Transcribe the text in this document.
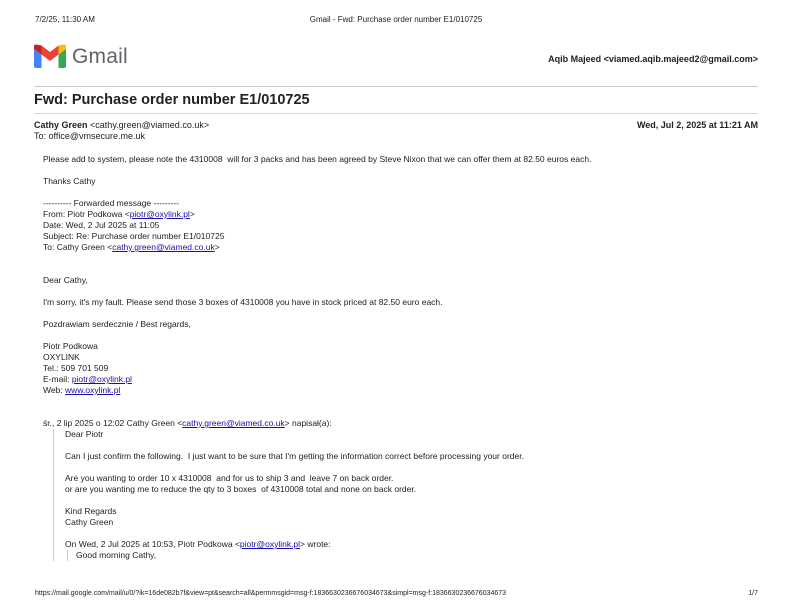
7/2/25, 11:30 AM	Gmail - Fwd: Purchase order number E1/010725
Gmail	Aqib Majeed <viamed.aqib.majeed2@gmail.com>
Fwd: Purchase order number E1/010725
Cathy Green <cathy.green@viamed.co.uk>	Wed, Jul 2, 2025 at 11:21 AM
To: office@vmsecure.me.uk

Please add to system, please note the 4310008  will for 3 packs and has been agreed by Steve Nixon that we can offer them at 82.50 euros each.

Thanks Cathy

---------- Forwarded message ---------

From: Piotr Podkowa <piotr@oxylink.pl>

Date: Wed, 2 Jul 2025 at 11:05

Subject: Re: Purchase order number E1/010725

To: Cathy Green <cathy.green@viamed.co.uk>

Dear Cathy,

I'm sorry, it's my fault. Please send those 3 boxes of 4310008 you have in stock priced at 82.50 euro each.

Pozdrawiam serdecznie / Best regards,

Piotr Podkowa

OXYLINK

Tel.: 509 701 509

E-mail: piotr@oxylink.pl

Web: www.oxylink.pl

śr., 2 lip 2025 o 12:02 Cathy Green <cathy.green@viamed.co.uk> napisał(a):

Dear Piotr

Can I just confirm the following.  I just want to be sure that I'm getting the information correct before processing your order.

Are you wanting to order 10 x 4310008  and for us to ship 3 and  leave 7 on back order.

or are you wanting me to reduce the qty to 3 boxes  of 4310008 total and none on back order.

Kind Regards

Cathy Green

On Wed, 2 Jul 2025 at 10:53, Piotr Podkowa <piotr@oxylink.pl> wrote:

Good morning Cathy,

https://mail.google.com/mail/u/0/?ik=16de082b7f&view=pt&search=all&permmsgid=msg-f:1836630236676034673&simpl=msg-f:1836630236676034673	1/7
